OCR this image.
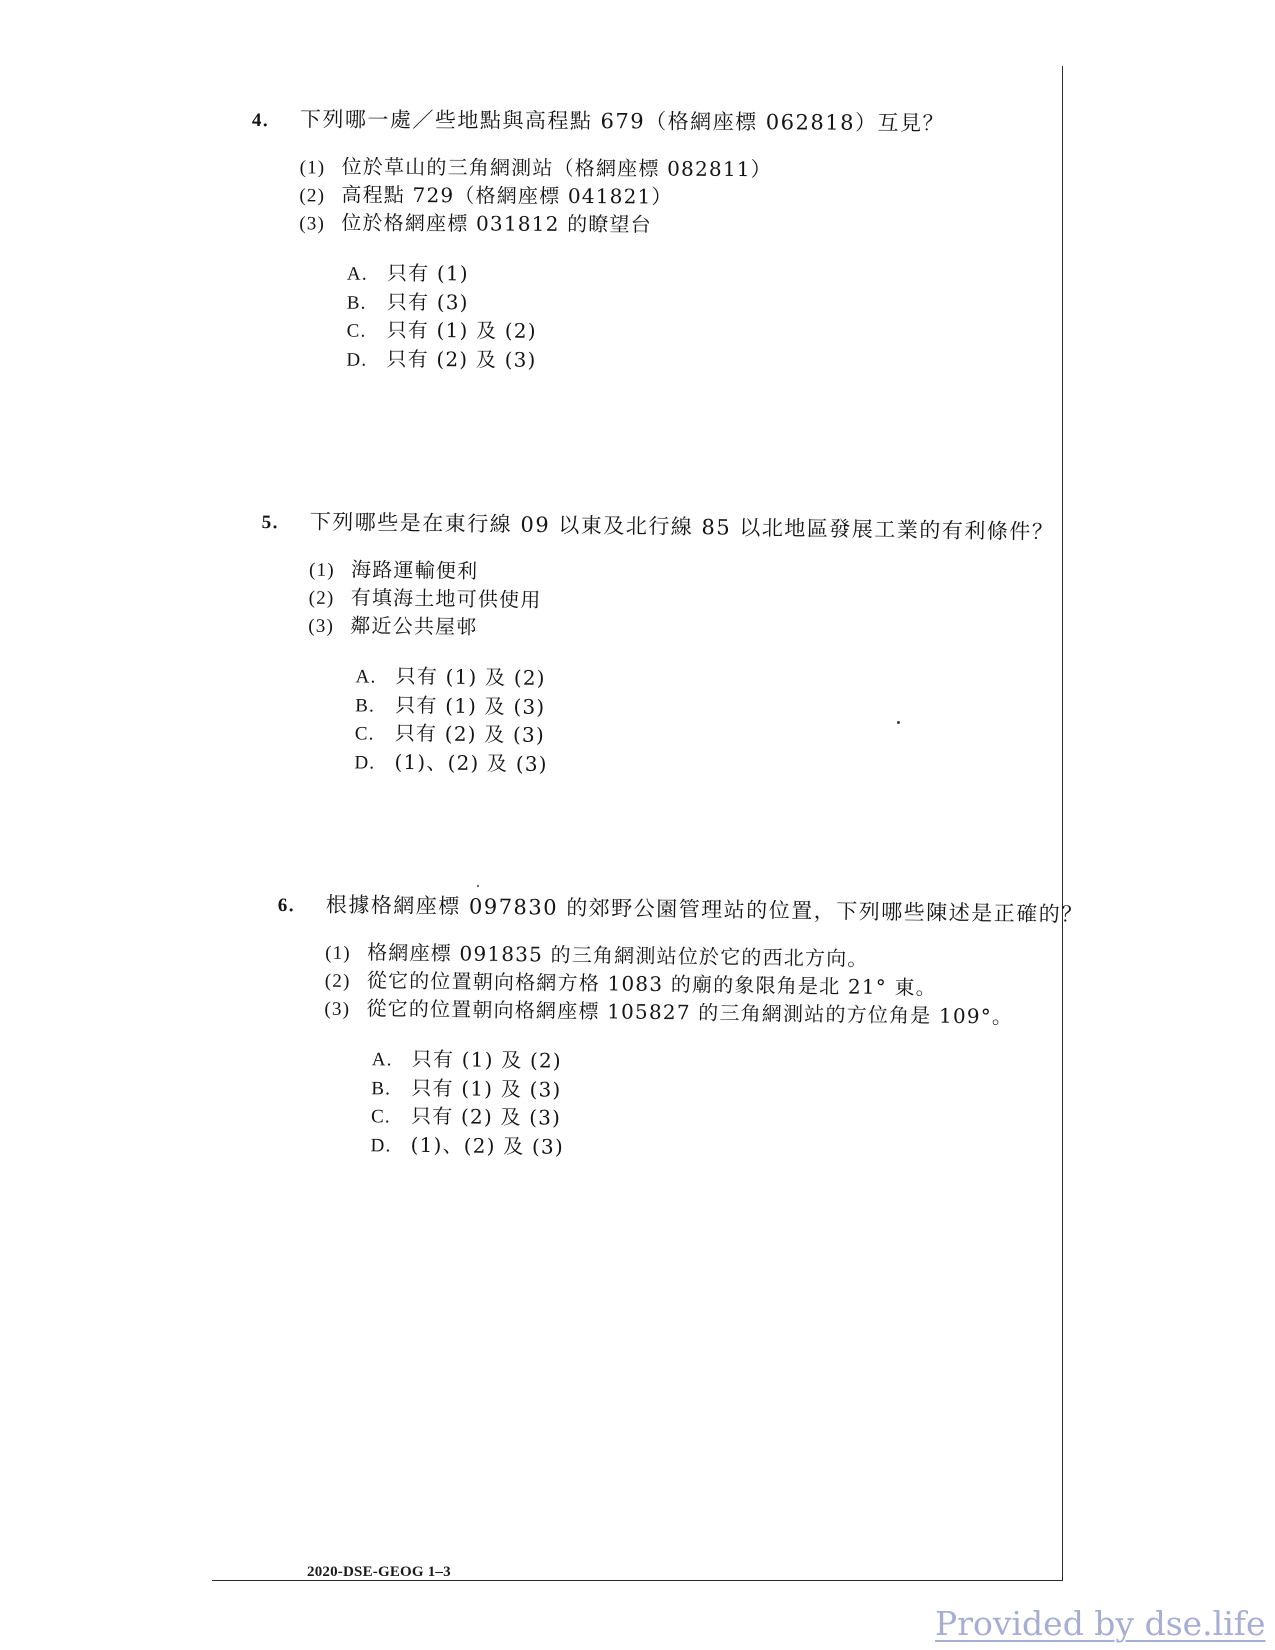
4.	下列哪一處／些地點與高程點 679（格網座標 062818）互見？
(1) 位於草山的三角網測站（格網座標 082811）
(2) 高程點 729（格網座標 041821）
(3) 位於格網座標 031812 的瞭望台
A. 只有 (1)
B.	只有 (3)
C.	只有 (1) 及 (2)
D. 只有 (2) 及 (3)
5.	下列哪些是在東行線 09 以東及北行線 85 以北地區發展工業的有利條件？
(1) 海路運輸便利
(2) 有填海土地可供使用
(3) 鄰近公共屋邨
A. 只有 (1) 及 (2)
B. 只有 (1) 及 (3)
C. 只有 (2) 及 (3)
D. (1)、(2) 及 (3)
6.	根據格網座標 097830 的郊野公園管理站的位置，下列哪些陳述是正確的？
(1) 格網座標 091835 的三角網測站位於它的西北方向。
(2) 從它的位置朝向格網方格 1083 的廟的象限角是北 21° 東。
(3) 從它的位置朝向格網座標 105827 的三角網測站的方位角是 109°。
A. 只有 (1) 及 (2)
B. 只有 (1) 及 (3)
C. 只有 (2) 及 (3)
D. (1)、(2) 及 (3)
2020-DSE-GEOG 1–3
Provided by dse.life
